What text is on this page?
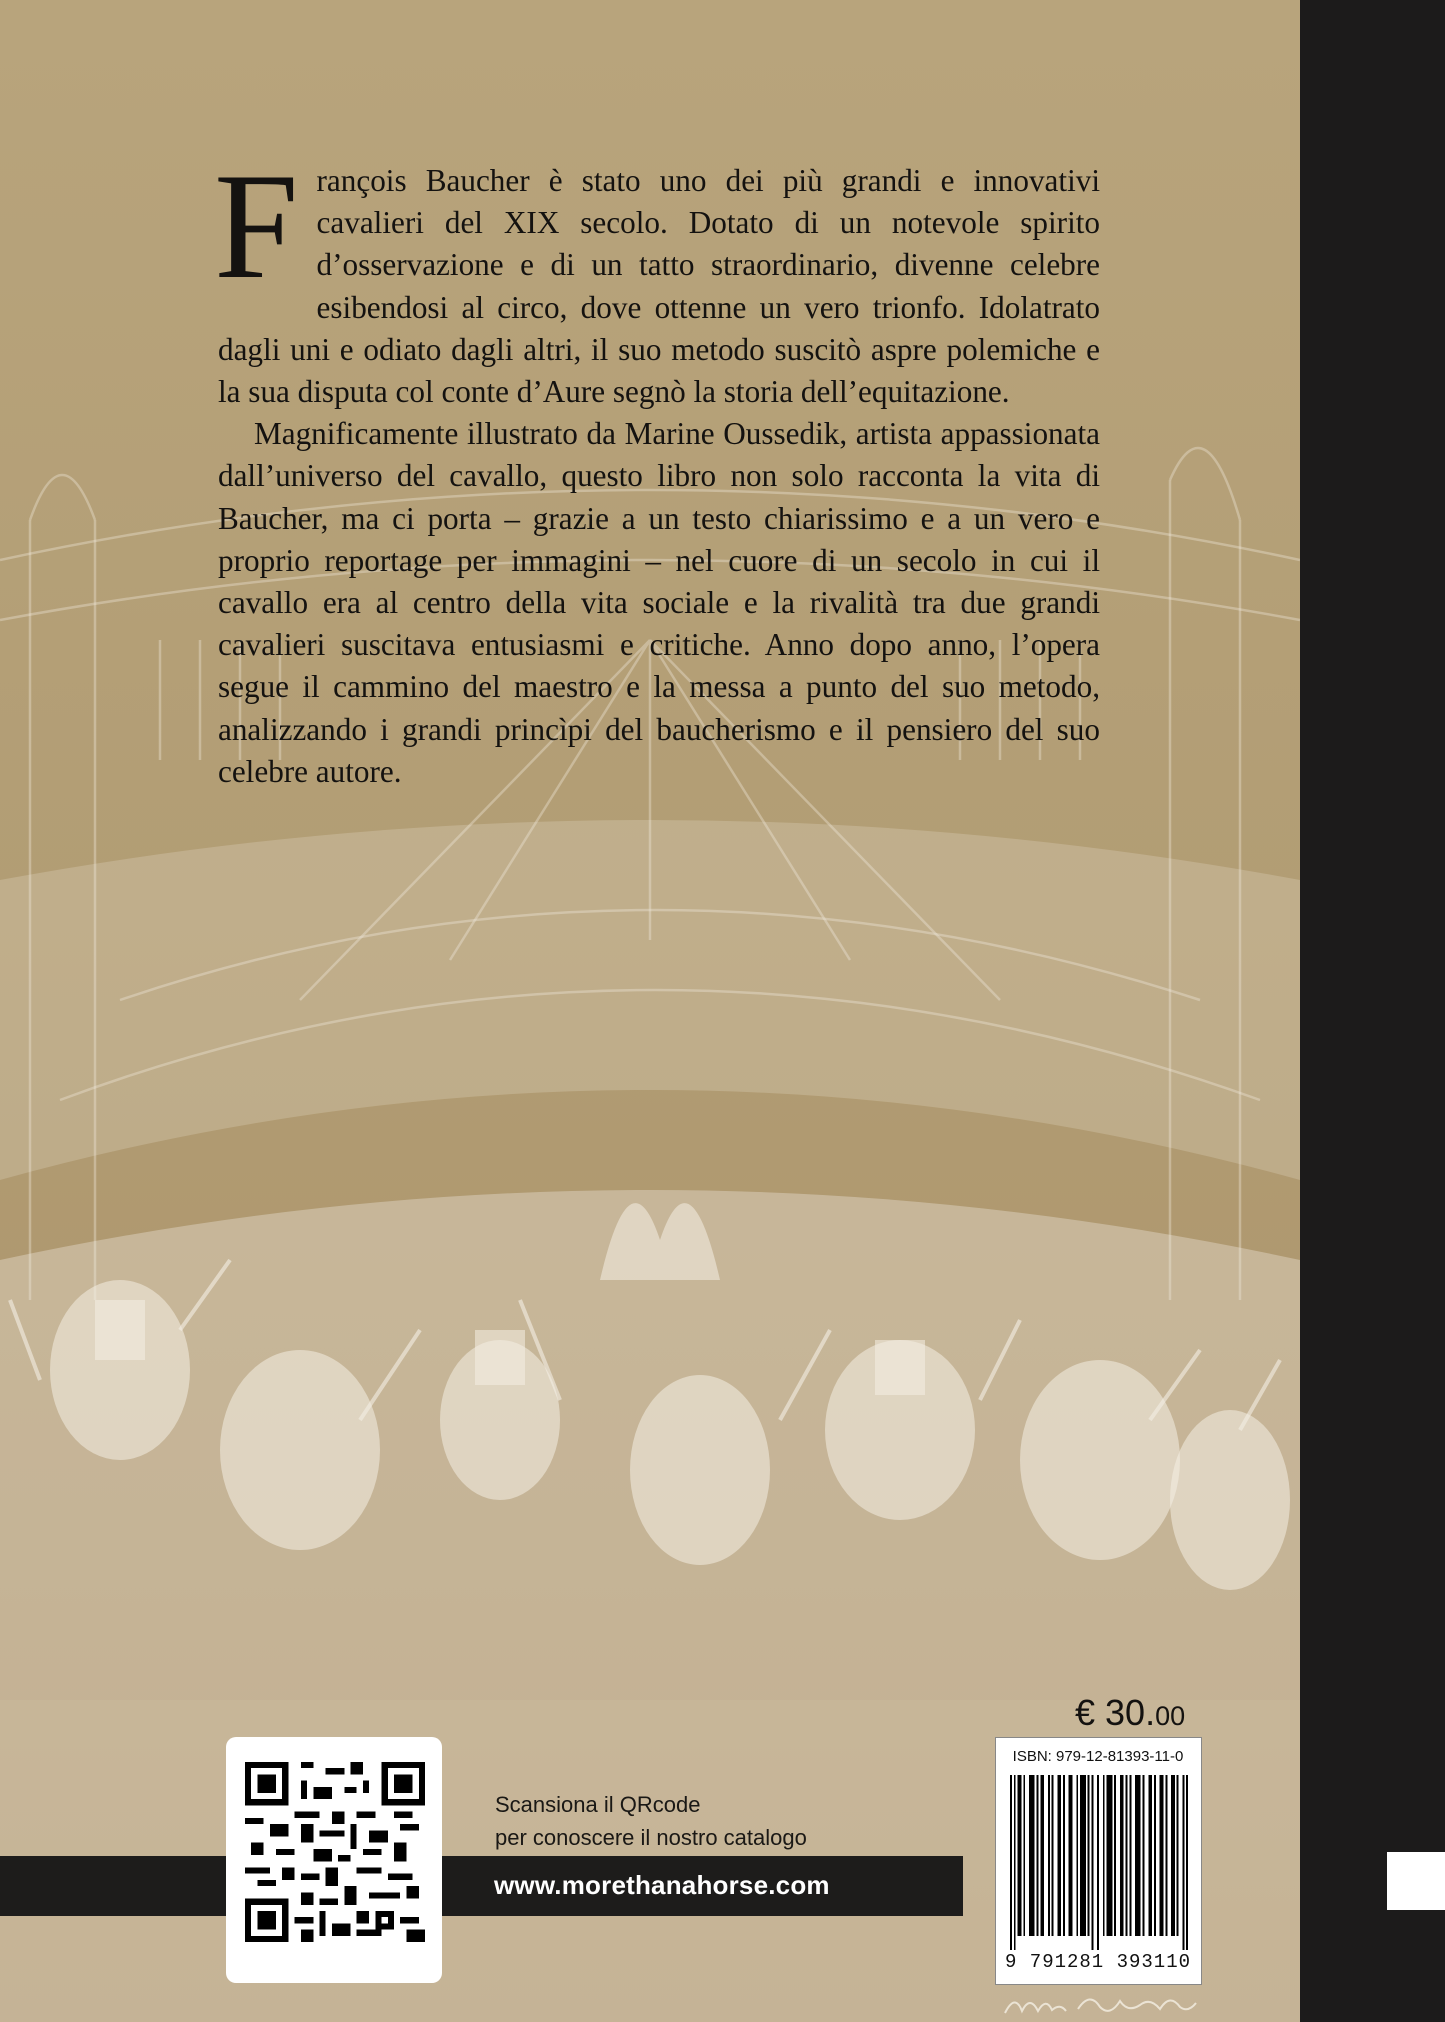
François Baucher è stato uno dei più grandi e innovativi cavalieri del XIX secolo. Dotato di un notevole spirito d’osservazione e di un tatto straordinario, divenne celebre esibendosi al circo, dove ottenne un vero trionfo. Idolatrato dagli uni e odiato dagli altri, il suo metodo suscitò aspre polemiche e la sua disputa col conte d’Aure segnò la storia dell’equitazione.

Magnificamente illustrato da Marine Oussedik, artista appassionata dall’universo del cavallo, questo libro non solo racconta la vita di Baucher, ma ci porta – grazie a un testo chiarissimo e a un vero e proprio reportage per immagini – nel cuore di un secolo in cui il cavallo era al centro della vita sociale e la rivalità tra due grandi cavalieri suscitava entusiasmi e critiche. Anno dopo anno, l’opera segue il cammino del maestro e la messa a punto del suo metodo, analizzando i grandi princìpi del baucherismo e il pensiero del suo celebre autore.

www.morethanahorse.com
Scansiona il QRcode
per conoscere il nostro catalogo
€ 30.00
ISBN: 979-12-81393-11-0
9 791281 393110
